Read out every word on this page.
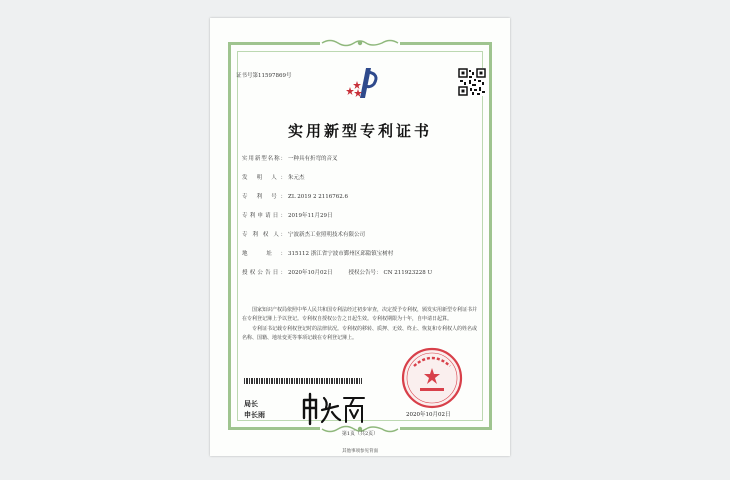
证书号第11597869号
实用新型专利证书
实用新型名称： 一种具有折弯的音叉
发 明 人： 朱元杰
专 利 号： ZL 2019 2 2116762.6
专利申请日： 2019年11月29日
专 利 权 人： 宁波新杰工业照明技术有限公司
地 址： 315112 浙江省宁波市鄞州区邱隘镇宝树村
授权公告日： 2020年10月02日	授权公告号： CN 211923228 U

国家知识产权局依照中华人民共和国专利法经过初步审查，决定授予专利权，颁发实用新型专利证书并在专利登记簿上予以登记。专利权自授权公告之日起生效。专利权期限为十年，自申请日起算。

专利证书记载专利权登记时的法律状况。专利权的移转、质押、无效、终止、恢复和专利权人的姓名或名称、国籍、地址变更等事项记载在专利登记簿上。

局长
申长雨	2020年10月02日
第1页（共2页）
其他事项参见背面
